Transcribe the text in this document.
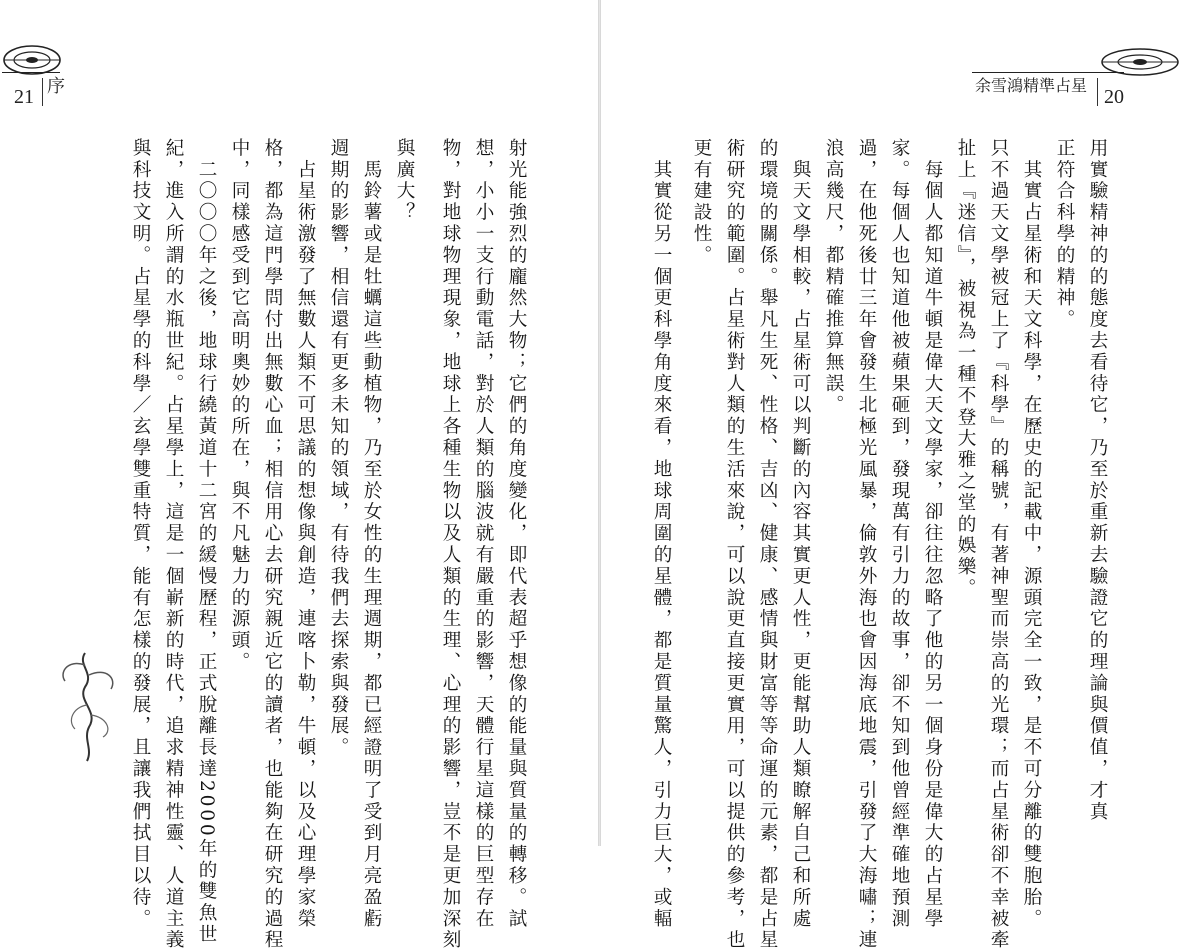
21 序	余雪鴻精準占星
20
用實驗精神的的態度去看待它，乃至於重新去驗證它的理論與價值，才真
正符合科學的精神。
　其實占星術和天文科學，在歷史的記載中，源頭完全一致，是不可分離的雙胞胎。
只不過天文學被冠上了『科學』的稱號，有著神聖而崇高的光環；而占星術卻不幸被牽
扯上『迷信』，被視為一種不登大雅之堂的娛樂。
　每個人都知道牛頓是偉大天文學家，卻往往忽略了他的另一個身份是偉大的占星學
家。每個人也知道他被蘋果砸到，發現萬有引力的故事，卻不知到他曾經準確地預測
過，在他死後廿三年會發生北極光風暴，倫敦外海也會因海底地震，引發了大海嘯；連
浪高幾尺，都精確推算無誤。
　與天文學相較，占星術可以判斷的內容其實更人性，更能幫助人類瞭解自己和所處
的環境的關係。舉凡生死、性格、吉凶、健康、感情與財富等等命運的元素，都是占星
術研究的範圍。占星術對人類的生活來說，可以說更直接更實用，可以提供的參考，也
更有建設性。
　其實從另一個更科學角度來看，地球周圍的星體，都是質量驚人，引力巨大，或輻
射光能強烈的龐然大物；它們的角度變化，即代表超乎想像的能量與質量的轉移。試
想，小小一支行動電話，對於人類的腦波就有嚴重的影響，天體行星這樣的巨型存在
物，對地球物理現象，地球上各種生物以及人類的生理、心理的影響，豈不是更加深刻
與廣大？
　馬鈴薯或是牡蠣這些動植物，乃至於女性的生理週期，都已經證明了受到月亮盈虧
週期的影響，相信還有更多未知的領域，有待我們去探索與發展。
　占星術激發了無數人類不可思議的想像與創造，連喀卜勒，牛頓，以及心理學家榮
格，都為這門學問付出無數心血；相信用心去研究親近它的讀者，也能夠在研究的過程
中，同樣感受到它高明奧妙的所在，與不凡魅力的源頭。
　二〇〇〇年之後，地球行繞黃道十二宮的緩慢歷程，正式脫離長達2000年的雙魚世
紀，進入所謂的水瓶世紀。占星學上，這是一個嶄新的時代，追求精神性靈、人道主義
與科技文明。占星學的科學／玄學雙重特質，能有怎樣的發展，且讓我們拭目以待。
